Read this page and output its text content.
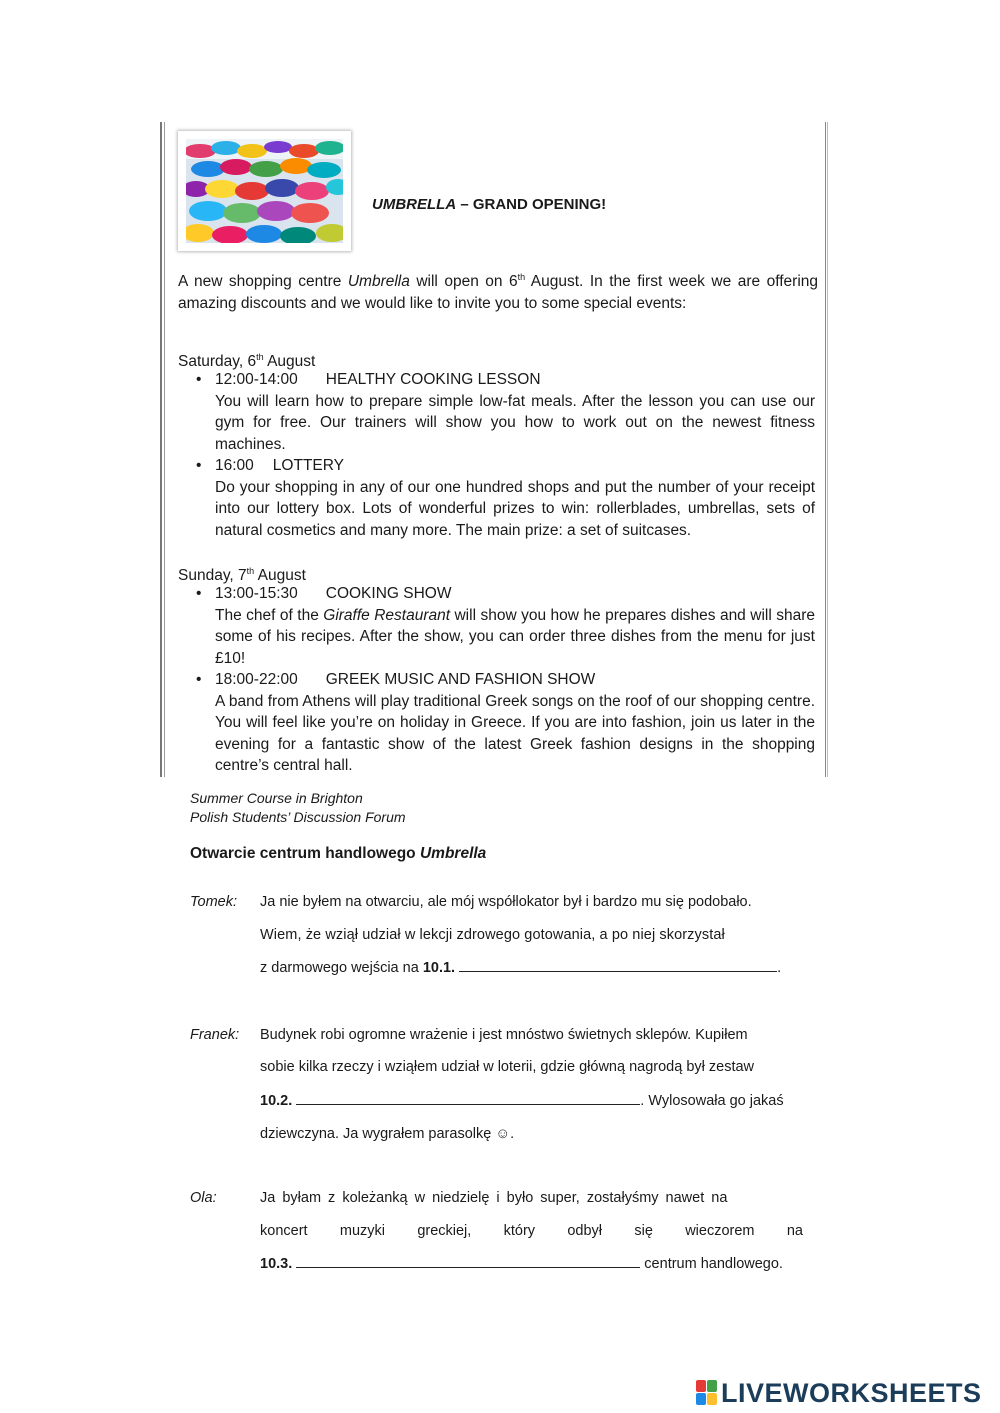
UMBRELLA – GRAND OPENING!
A new shopping centre Umbrella will open on 6th August. In the first week we are offering amazing discounts and we would like to invite you to some special events:
Saturday, 6th August
• 12:00-14:00 HEALTHY COOKING LESSON
You will learn how to prepare simple low-fat meals. After the lesson you can use our gym for free. Our trainers will show you how to work out on the newest fitness machines.
• 16:00 LOTTERY
Do your shopping in any of our one hundred shops and put the number of your receipt into our lottery box. Lots of wonderful prizes to win: rollerblades, umbrellas, sets of natural cosmetics and many more. The main prize: a set of suitcases.
Sunday, 7th August
• 13:00-15:30 COOKING SHOW
The chef of the Giraffe Restaurant will show you how he prepares dishes and will share some of his recipes. After the show, you can order three dishes from the menu for just £10!
• 18:00-22:00 GREEK MUSIC AND FASHION SHOW
A band from Athens will play traditional Greek songs on the roof of our shopping centre. You will feel like you’re on holiday in Greece. If you are into fashion, join us later in the evening for a fantastic show of the latest Greek fashion designs in the shopping centre’s central hall.
Summer Course in Brighton
Polish Students’ Discussion Forum
Otwarcie centrum handlowego Umbrella
Tomek: Ja nie byłem na otwarciu, ale mój współlokator był i bardzo mu się podobało.
Wiem, że wziął udział w lekcji zdrowego gotowania, a po niej skorzystał
z darmowego wejścia na 10.1.	.
Franek: Budynek robi ogromne wrażenie i jest mnóstwo świetnych sklepów. Kupiłem
sobie kilka rzeczy i wziąłem udział w loterii, gdzie główną nagrodą był zestaw
10.2.	. Wylosowała go jakaś
dziewczyna. Ja wygrałem parasolkę ☺.
Ola:	Ja byłam z koleżanką w niedzielę i było super, zostałyśmy nawet na
koncert muzyki greckiej, który odbył się wieczorem na
10.3.	centrum handlowego.
LIVEWORKSHEETS
